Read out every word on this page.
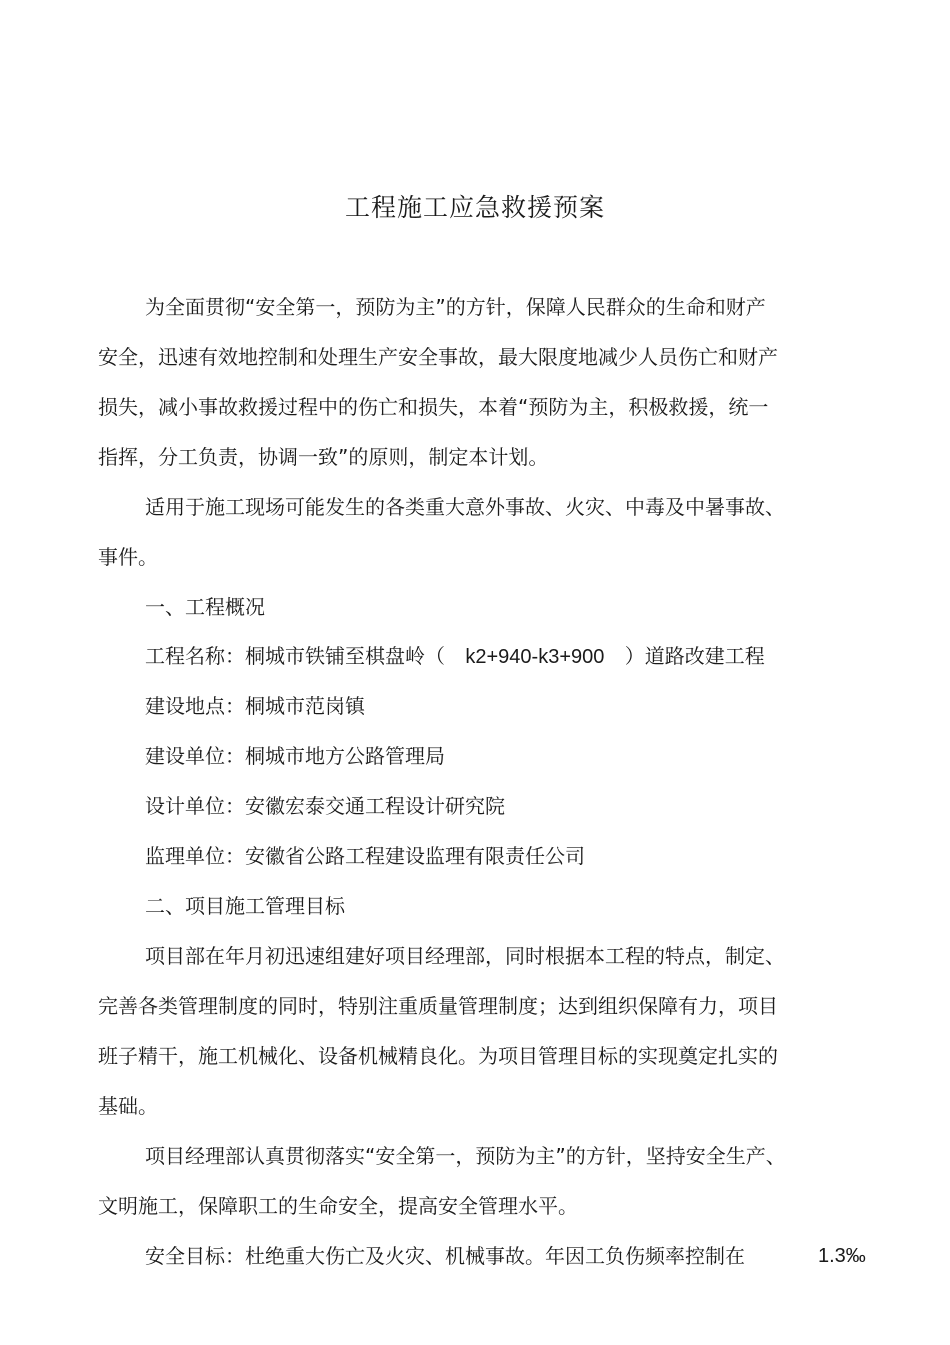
工程施工应急救援预案
为全面贯彻“安全第一，预防为主”的方针，保障人民群众的生命和财产
安全，迅速有效地控制和处理生产安全事故，最大限度地减少人员伤亡和财产
损失，减小事故救援过程中的伤亡和损失，本着“预防为主，积极救援，统一
指挥，分工负责，协调一致”的原则，制定本计划。
适用于施工现场可能发生的各类重大意外事故、火灾、中毒及中暑事故、
事件。
一、工程概况
工程名称：桐城市铁铺至棋盘岭（ k2+940-k3+900 ）道路改建工程
建设地点：桐城市范岗镇
建设单位：桐城市地方公路管理局
设计单位：安徽宏泰交通工程设计研究院
监理单位：安徽省公路工程建设监理有限责任公司
二、项目施工管理目标
项目部在年月初迅速组建好项目经理部，同时根据本工程的特点，制定、
完善各类管理制度的同时，特别注重质量管理制度；达到组织保障有力，项目
班子精干，施工机械化、设备机械精良化。为项目管理目标的实现奠定扎实的
基础。
项目经理部认真贯彻落实“安全第一，预防为主”的方针，坚持安全生产、
文明施工，保障职工的生命安全，提高安全管理水平。
安全目标：杜绝重大伤亡及火灾、机械事故。年因工负伤频率控制在	1.3‰
